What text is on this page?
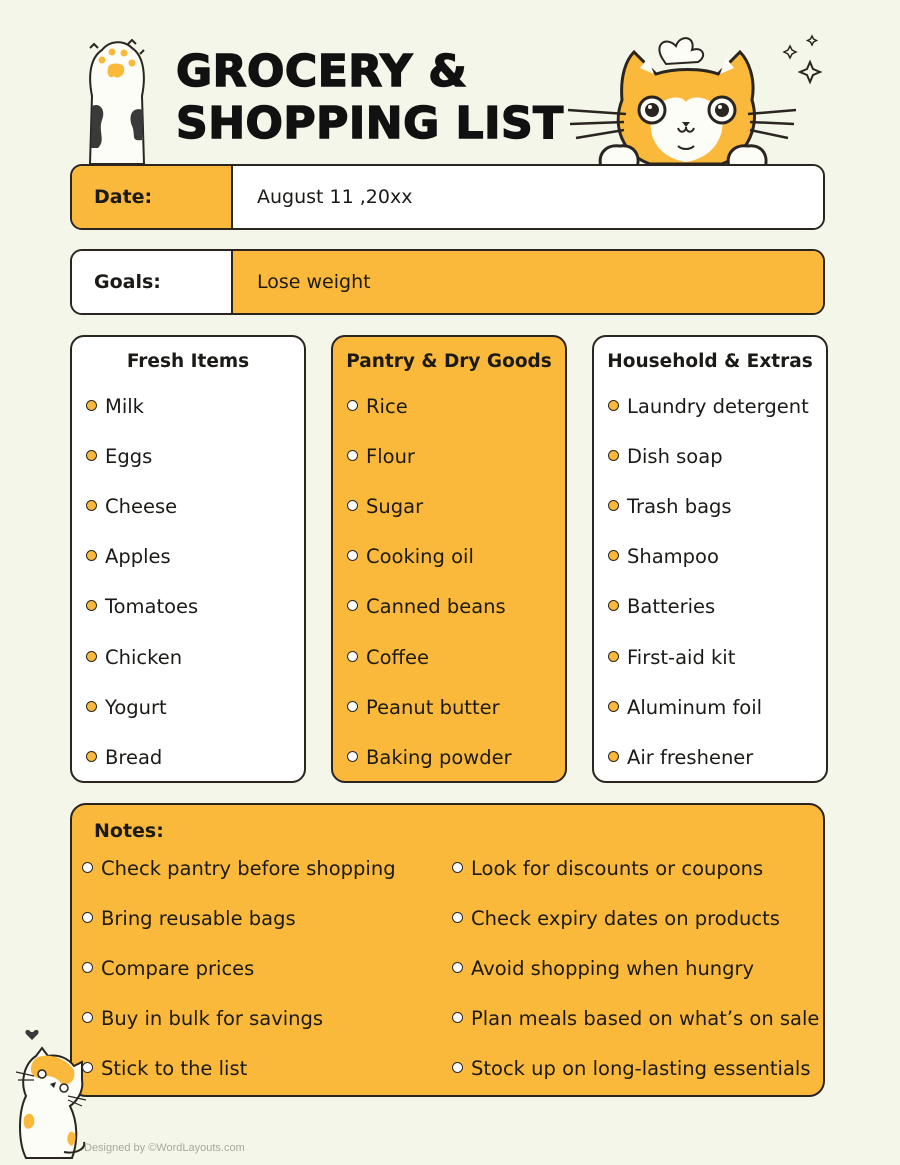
GROCERY &
SHOPPING LIST
Date:	August 11 ,20xx
Goals:	Lose weight
Fresh Items
Milk
Eggs
Cheese
Apples
Tomatoes
Chicken
Yogurt
Bread
Pantry & Dry Goods
Rice
Flour
Sugar
Cooking oil
Canned beans
Coffee
Peanut butter
Baking powder
Household & Extras
Laundry detergent
Dish soap
Trash bags
Shampoo
Batteries
First-aid kit
Aluminum foil
Air freshener
Notes:
Check pantry before shopping
Bring reusable bags
Compare prices
Buy in bulk for savings
Stick to the list
Look for discounts or coupons
Check expiry dates on products
Avoid shopping when hungry
Plan meals based on what’s on sale
Stock up on long-lasting essentials
Designed by ©WordLayouts.com
